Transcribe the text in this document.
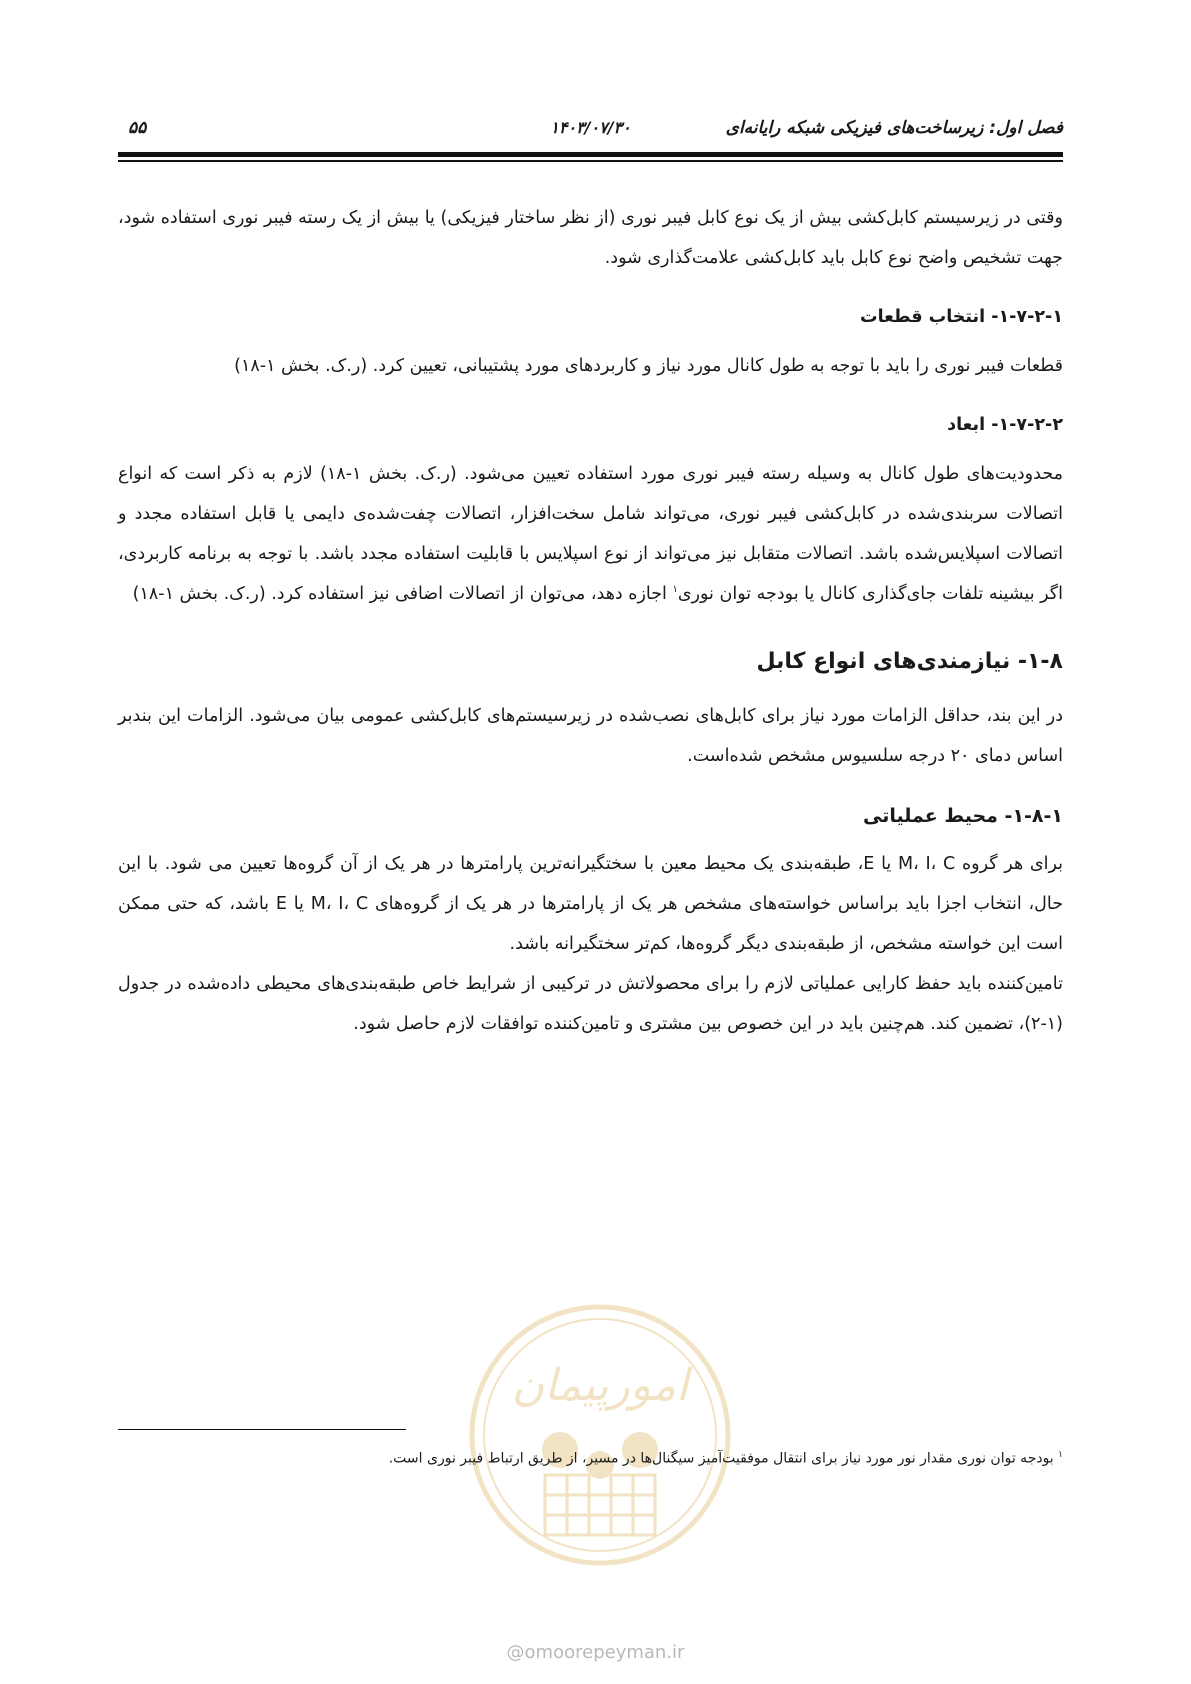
فصل اول: زیرساخت‌های فیزیکی شبکه رایانه‌ای
۱۴۰۳/۰۷/۳۰
۵۵

وقتی در زیرسیستم کابل‌کشی بیش از یک نوع کابل فیبر نوری (از نظر ساختار فیزیکی) یا بیش از یک رسته فیبر نوری استفاده شود، جهت تشخیص واضح نوع کابل باید کابل‌کشی علامت‌گذاری شود.

۱-۷-۲-۱- انتخاب قطعات

قطعات فیبر نوری را باید با توجه به طول کانال مورد نیاز و کاربردهای مورد پشتیبانی، تعیین کرد. (ر.ک. بخش ۱-۱۸)

۱-۷-۲-۲- ابعاد

محدودیت‌های طول کانال به وسیله رسته فیبر نوری مورد استفاده تعیین می‌شود. (ر.ک. بخش ۱-۱۸) لازم به ذکر است که انواع اتصالات سربندی‌شده در کابل‌کشی فیبر نوری، می‌تواند شامل سخت‌افزار، اتصالات چفت‌شده‌ی دایمی یا قابل استفاده مجدد و اتصالات اسپلایس‌شده باشد. اتصالات متقابل نیز می‌تواند از نوع اسپلایس با قابلیت استفاده مجدد باشد. با توجه به برنامه کاربردی، اگر بیشینه تلفات جای‌گذاری کانال یا بودجه توان نوری$^۱$ اجازه دهد، می‌توان از اتصالات اضافی نیز استفاده کرد. (ر.ک. بخش ۱-۱۸)

۱-۸- نیازمندی‌های انواع کابل

در این بند، حداقل الزامات مورد نیاز برای کابل‌های نصب‌شده در زیرسیستم‌های کابل‌کشی عمومی بیان می‌شود. الزامات این بندبر اساس دمای ۲۰ درجه سلسیوس مشخص شده‌است.

۱-۸-۱- محیط عملیاتی

برای هر گروه M، I، C یا E، طبقه‌بندی یک محیط معین با سختگیرانه‌ترین پارامترها در هر یک از آن گروه‌ها تعیین می شود. با این حال، انتخاب اجزا باید براساس خواسته‌های مشخص هر یک از پارامترها در هر یک از گروه‌های M، I، C یا E باشد، که حتی ممکن است این خواسته مشخص، از طبقه‌بندی دیگر گروه‌ها، کم‌تر سختگیرانه باشد.

تامین‌کننده باید حفظ کارایی عملیاتی لازم را برای محصولاتش در ترکیبی از شرایط خاص طبقه‌بندی‌های محیطی داده‌شده در جدول (۱-۲)، تضمین کند. هم‌چنین باید در این خصوص بین مشتری و تامین‌کننده توافقات لازم حاصل شود.

امورپیمان
$^۱$ بودجه توان نوری مقدار نور مورد نیاز برای انتقال موفقیت‌آمیز سیگنال‌ها در مسیر، از طریق ارتباط فیبر نوری است.
@omoorepeyman.ir
